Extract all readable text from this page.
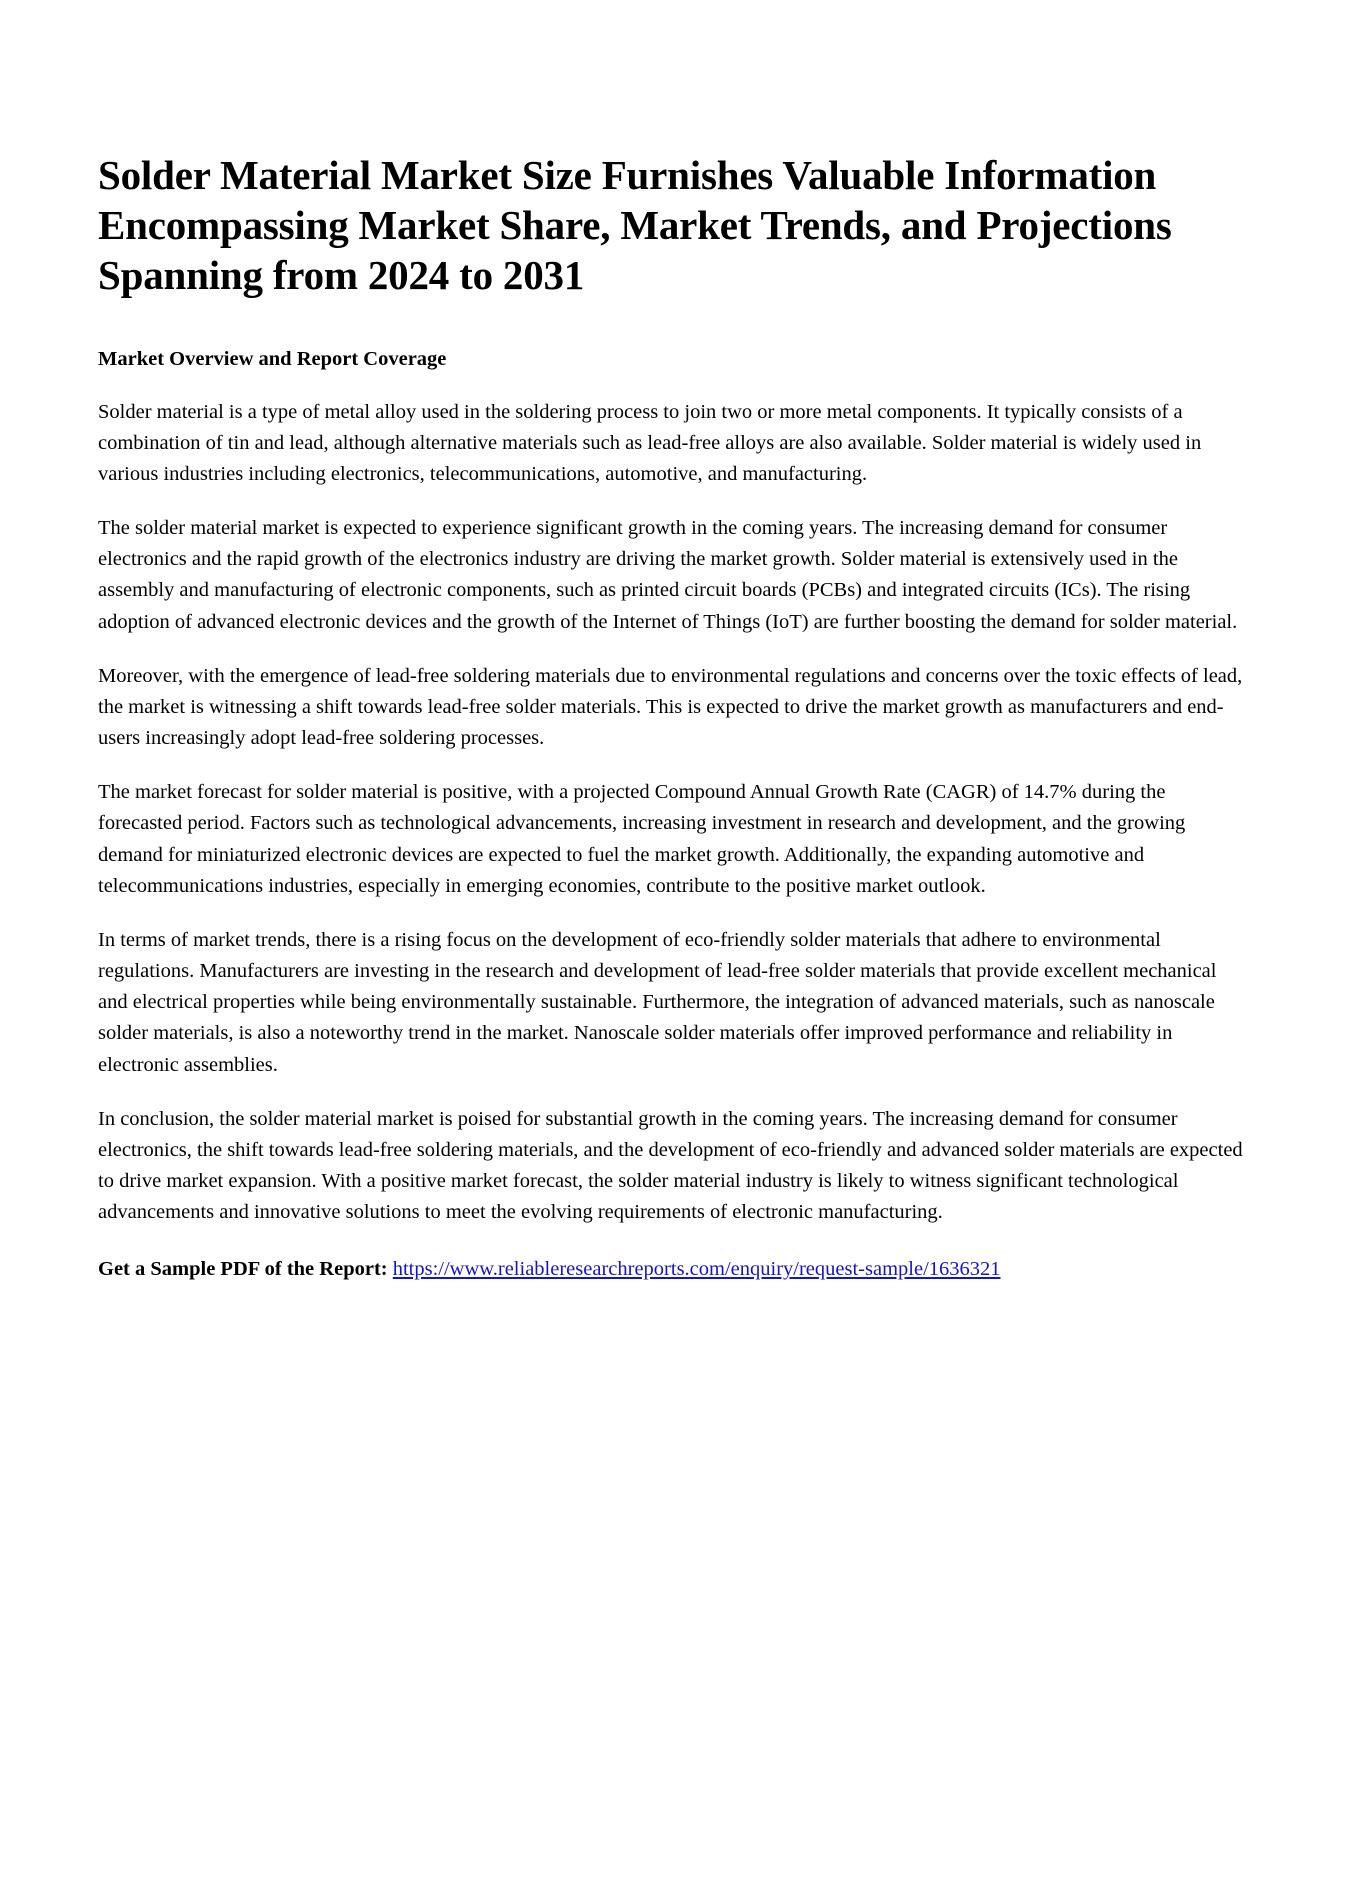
Solder Material Market Size Furnishes Valuable Information Encompassing Market Share, Market Trends, and Projections Spanning from 2024 to 2031
Market Overview and Report Coverage

Solder material is a type of metal alloy used in the soldering process to join two or more metal components. It typically consists of a combination of tin and lead, although alternative materials such as lead-free alloys are also available. Solder material is widely used in various industries including electronics, telecommunications, automotive, and manufacturing.

The solder material market is expected to experience significant growth in the coming years. The increasing demand for consumer electronics and the rapid growth of the electronics industry are driving the market growth. Solder material is extensively used in the assembly and manufacturing of electronic components, such as printed circuit boards (PCBs) and integrated circuits (ICs). The rising adoption of advanced electronic devices and the growth of the Internet of Things (IoT) are further boosting the demand for solder material.

Moreover, with the emergence of lead-free soldering materials due to environmental regulations and concerns over the toxic effects of lead, the market is witnessing a shift towards lead-free solder materials. This is expected to drive the market growth as manufacturers and end-users increasingly adopt lead-free soldering processes.

The market forecast for solder material is positive, with a projected Compound Annual Growth Rate (CAGR) of 14.7% during the forecasted period. Factors such as technological advancements, increasing investment in research and development, and the growing demand for miniaturized electronic devices are expected to fuel the market growth. Additionally, the expanding automotive and telecommunications industries, especially in emerging economies, contribute to the positive market outlook.

In terms of market trends, there is a rising focus on the development of eco-friendly solder materials that adhere to environmental regulations. Manufacturers are investing in the research and development of lead-free solder materials that provide excellent mechanical and electrical properties while being environmentally sustainable. Furthermore, the integration of advanced materials, such as nanoscale solder materials, is also a noteworthy trend in the market. Nanoscale solder materials offer improved performance and reliability in electronic assemblies.

In conclusion, the solder material market is poised for substantial growth in the coming years. The increasing demand for consumer electronics, the shift towards lead-free soldering materials, and the development of eco-friendly and advanced solder materials are expected to drive market expansion. With a positive market forecast, the solder material industry is likely to witness significant technological advancements and innovative solutions to meet the evolving requirements of electronic manufacturing.

Get a Sample PDF of the Report: https://www.reliableresearchreports.com/enquiry/request-sample/1636321
